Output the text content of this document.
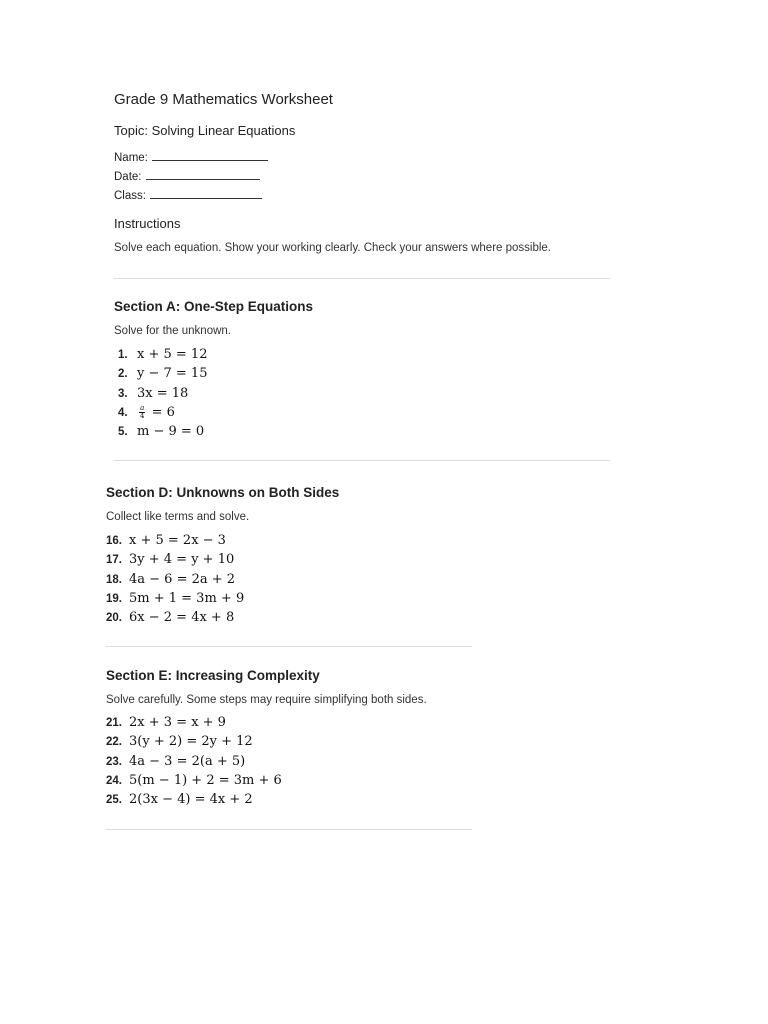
Grade 9 Mathematics Worksheet
Topic: Solving Linear Equations
Name:
Date:
Class:
Instructions
Solve each equation. Show your working clearly. Check your answers where possible.
Section A: One-Step Equations
Solve for the unknown.
1. x + 5 = 12
2. y − 7 = 15
3. 3x = 18
4. $\frac{a}{4} = 6$
5. m − 9 = 0
Section D: Unknowns on Both Sides
Collect like terms and solve.
16. x + 5 = 2x − 3
17. 3y + 4 = y + 10
18. 4a − 6 = 2a + 2
19. 5m + 1 = 3m + 9
20. 6x − 2 = 4x + 8
Section E: Increasing Complexity
Solve carefully. Some steps may require simplifying both sides.
21. 2x + 3 = x + 9
22. 3(y + 2) = 2y + 12
23. 4a − 3 = 2(a + 5)
24. 5(m − 1) + 2 = 3m + 6
25. 2(3x − 4) = 4x + 2
